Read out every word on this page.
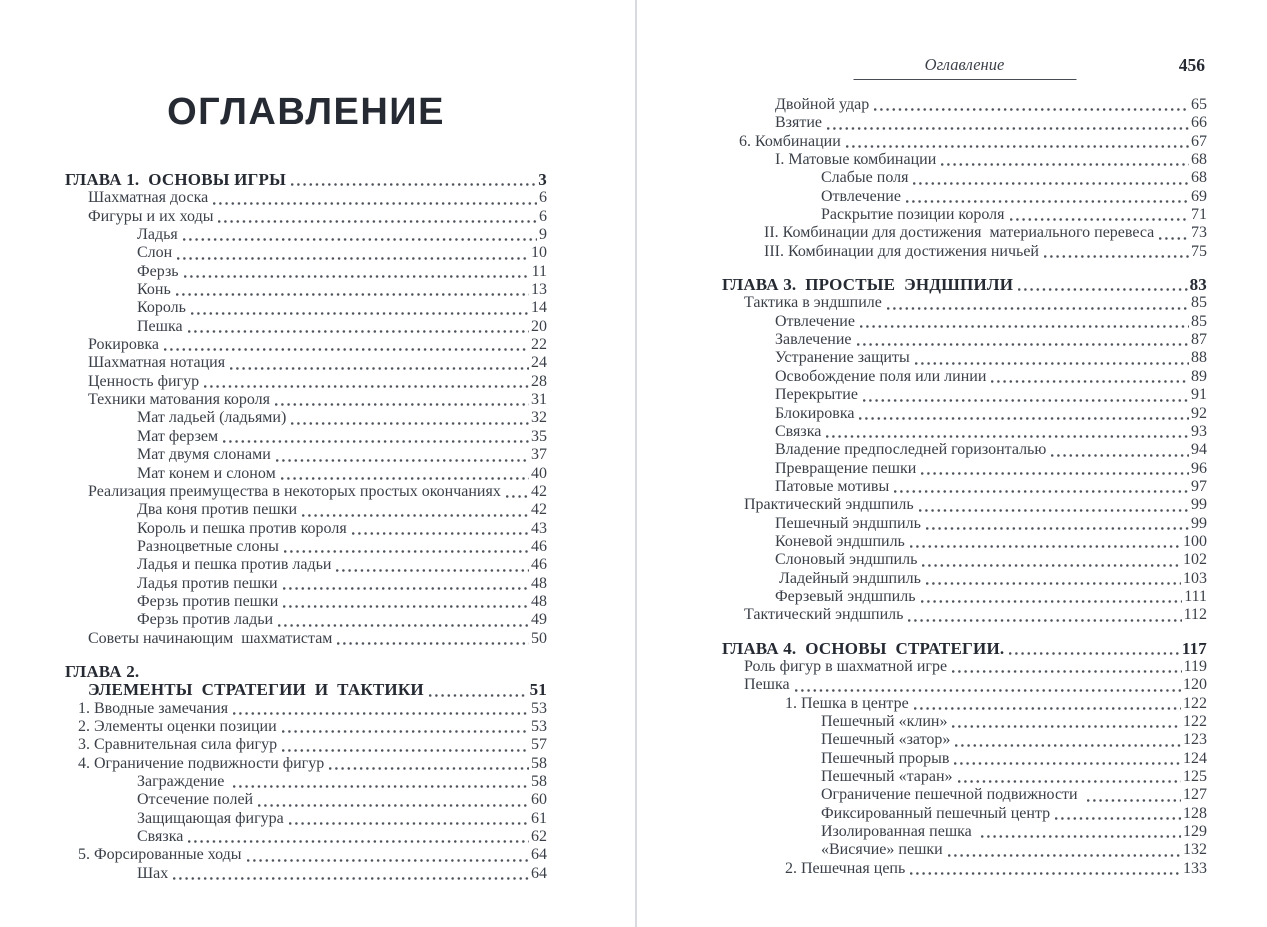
ОГЛАВЛЕНИЕ
ГЛАВА 1.  ОСНОВЫ ИГРЫ	3
Шахматная доска	6
Фигуры и их ходы	6
Ладья	9
Слон	10
Ферзь	11
Конь	13
Король	14
Пешка	20
Рокировка	22
Шахматная нотация	24
Ценность фигур	28
Техники матования короля	31
Мат ладьей (ладьями)	32
Мат ферзем	35
Мат двумя слонами	37
Мат конем и слоном	40
Реализация преимущества в некоторых простых окончаниях 42
Два коня против пешки	42
Король и пешка против короля	43
Разноцветные слоны	46
Ладья и пешка против ладьи	46
Ладья против пешки	48
Ферзь против пешки	48
Ферзь против ладьи	49
Советы начинающим  шахматистам	50
ГЛАВА 2.
ЭЛЕМЕНТЫ  СТРАТЕГИИ  И  ТАКТИКИ	51
1. Вводные замечания	53
2. Элементы оценки позиции	53
3. Сравнительная сила фигур	57
4. Ограничение подвижности фигур	58
Заграждение	58
Отсечение полей	60
Защищающая фигура	61
Связка	62
5. Форсированные ходы	64
Шах	64
Оглавление	456
Двойной удар	65
Взятие	66
6. Комбинации	67
I. Матовые комбинации	68
Слабые поля	68
Отвлечение	69
Раскрытие позиции короля	71
II. Комбинации для достижения  материального перевеса 73
III. Комбинации для достижения ничьей	75
ГЛАВА 3.  ПРОСТЫЕ  ЭНДШПИЛИ	83
Тактика в эндшпиле	85
Отвлечение	85
Завлечение	87
Устранение защиты	88
Освобождение поля или линии	89
Перекрытие	91
Блокировка	92
Связка	93
Владение предпоследней горизонталью	94
Превращение пешки	96
Патовые мотивы	97
Практический эндшпиль	99
Пешечный эндшпиль	99
Коневой эндшпиль	100
Слоновый эндшпиль	102
Ладейный эндшпиль	103
Ферзевый эндшпиль	111
Тактический эндшпиль	112
ГЛАВА 4.  ОСНОВЫ  СТРАТЕГИИ.	117
Роль фигур в шахматной игре	119
Пешка	120
1. Пешка в центре	122
Пешечный «клин»	122
Пешечный «затор»	123
Пешечный прорыв	124
Пешечный «таран»	125
Ограничение пешечной подвижности	127
Фиксированный пешечный центр	128
Изолированная пешка	129
«Висячие» пешки	132
2. Пешечная цепь	133
